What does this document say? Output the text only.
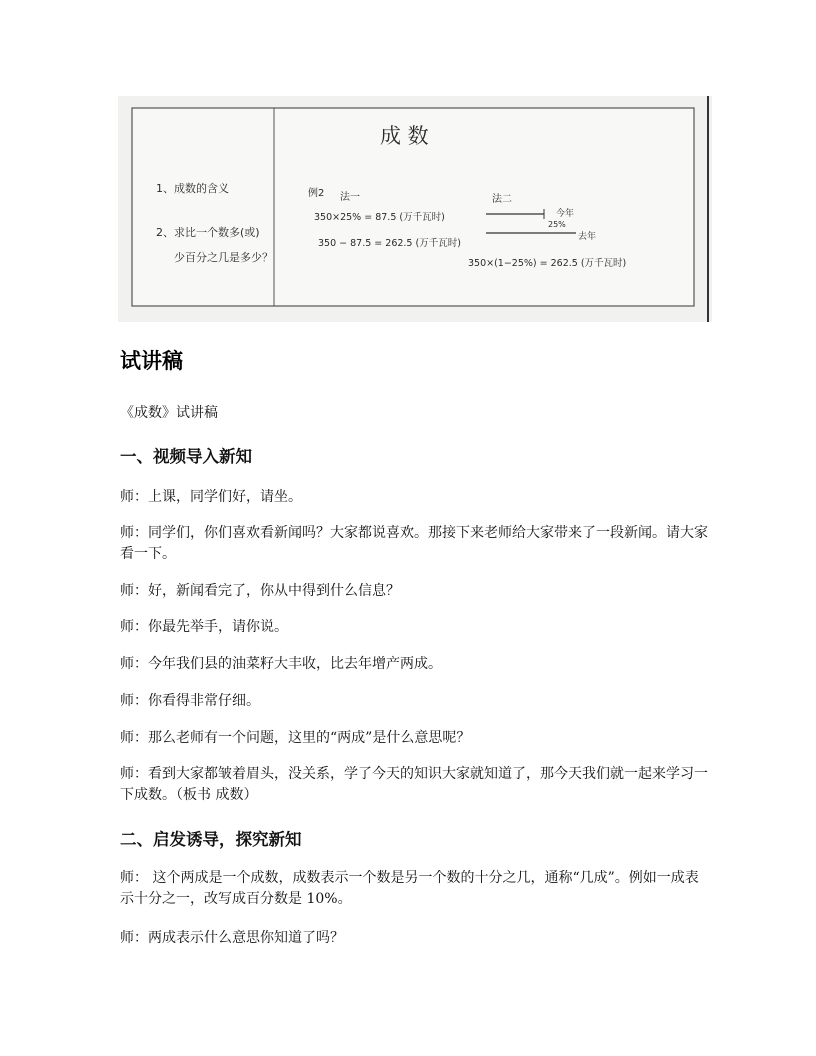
成 数
1、成数的含义
2、求比一个数多(或)
少百分之几是多少？
例2 法一
350×25% = 87.5 (万千瓦时)
350 − 87.5 = 262.5 (万千瓦时)
法二
今年
去年
25%
350×(1−25%) = 262.5 (万千瓦时)
试讲稿

《成数》试讲稿

一、视频导入新知

师：上课，同学们好，请坐。

师：同学们，你们喜欢看新闻吗？大家都说喜欢。那接下来老师给大家带来了一段新闻。请大家看一下。

师：好，新闻看完了，你从中得到什么信息？

师：你最先举手，请你说。

师：今年我们县的油菜籽大丰收，比去年增产两成。

师：你看得非常仔细。

师：那么老师有一个问题，这里的“两成”是什么意思呢？

师：看到大家都皱着眉头，没关系，学了今天的知识大家就知道了，那今天我们就一起来学习一下成数。（板书 成数）

二、启发诱导，探究新知

师： 这个两成是一个成数，成数表示一个数是另一个数的十分之几，通称“几成”。例如一成表示十分之一，改写成百分数是 10%。

师：两成表示什么意思你知道了吗？
